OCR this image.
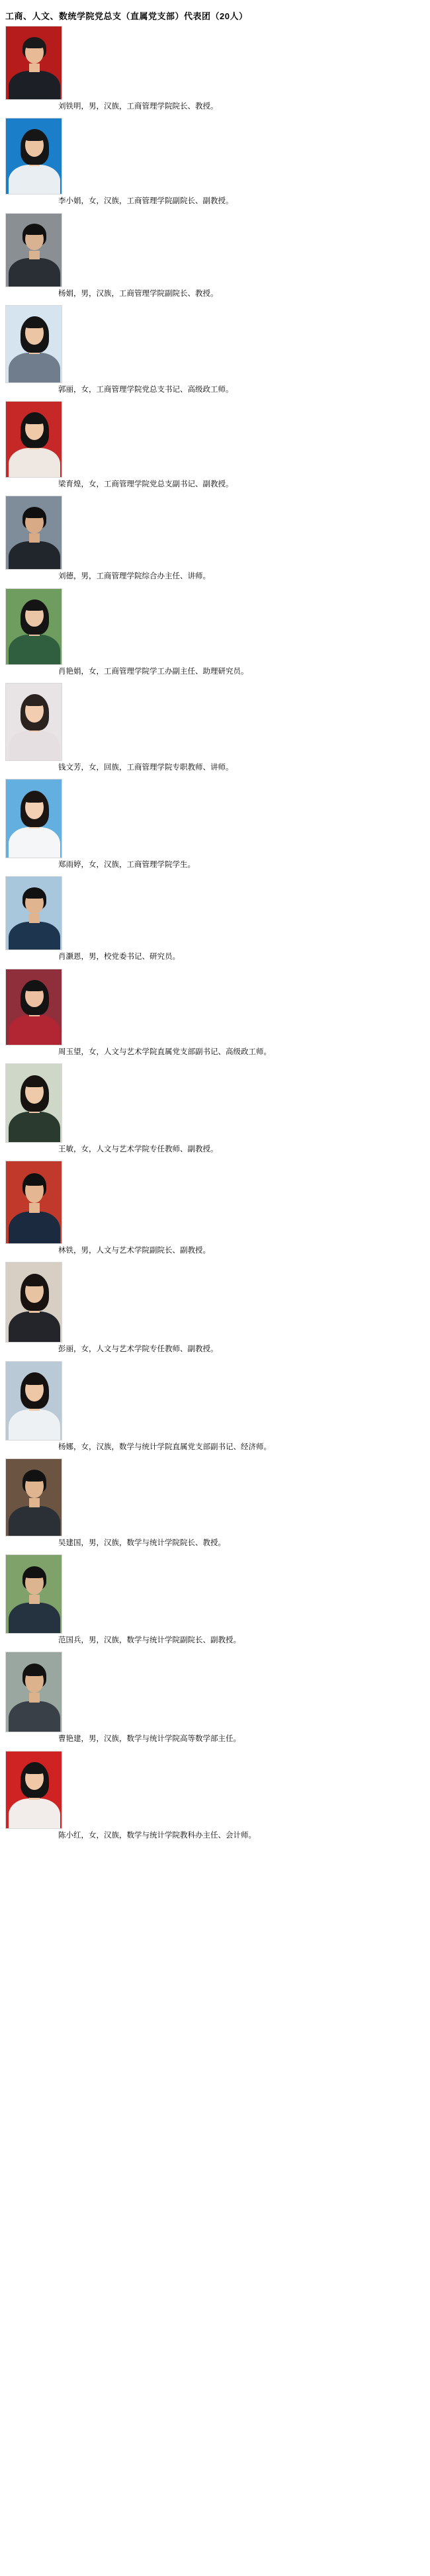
工商、人文、数统学院党总支（直属党支部）代表团（20人）
刘铁明，男，汉族，工商管理学院院长、教授。
李小娟，女，汉族，工商管理学院副院长、副教授。
杨娟，男，汉族，工商管理学院副院长、教授。
郭丽，女，工商管理学院党总支书记、高级政工师。
梁育煌，女，工商管理学院党总支副书记、副教授。
刘德，男，工商管理学院综合办主任、讲师。
肖艳娟，女，工商管理学院学工办副主任、助理研究员。
钱文芳，女，回族，工商管理学院专职教师、讲师。
郑雨婷，女，汉族，工商管理学院学生。
肖灏恩，男，校党委书记、研究员。
周玉望，女，人文与艺术学院直属党支部副书记、高级政工师。
王敏，女，人文与艺术学院专任教师、副教授。
林铁，男，人文与艺术学院副院长、副教授。
彭丽，女，人文与艺术学院专任教师、副教授。
杨娜，女，汉族，数学与统计学院直属党支部副书记、经济师。
吴建国，男，汉族，数学与统计学院院长、教授。
范国兵，男，汉族，数学与统计学院副院长、副教授。
曹艳建，男，汉族，数学与统计学院高等数学部主任。
陈小红，女，汉族，数学与统计学院教科办主任、会计师。
